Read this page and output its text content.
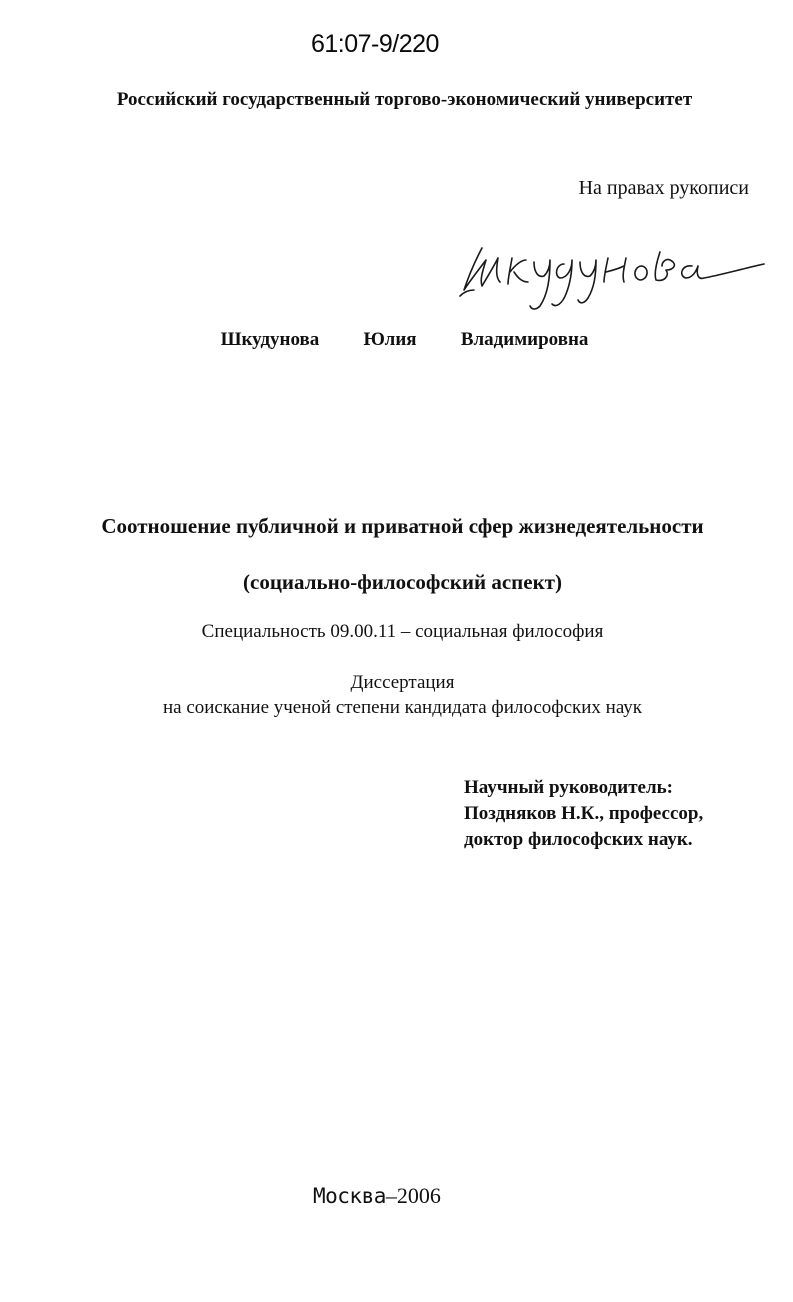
61:07-9/220
Российский государственный торгово-экономический университет
На правах рукописи
Шкудунова   Юлия   Владимировна
Соотношение публичной и приватной сфер жизнедеятельности
(социально-философский аспект)
Специальность 09.00.11 – социальная философия
Диссертация
на соискание ученой степени кандидата философских наук
Научный руководитель:
Поздняков Н.К., профессор,
доктор философских наук.
Москва–2006
